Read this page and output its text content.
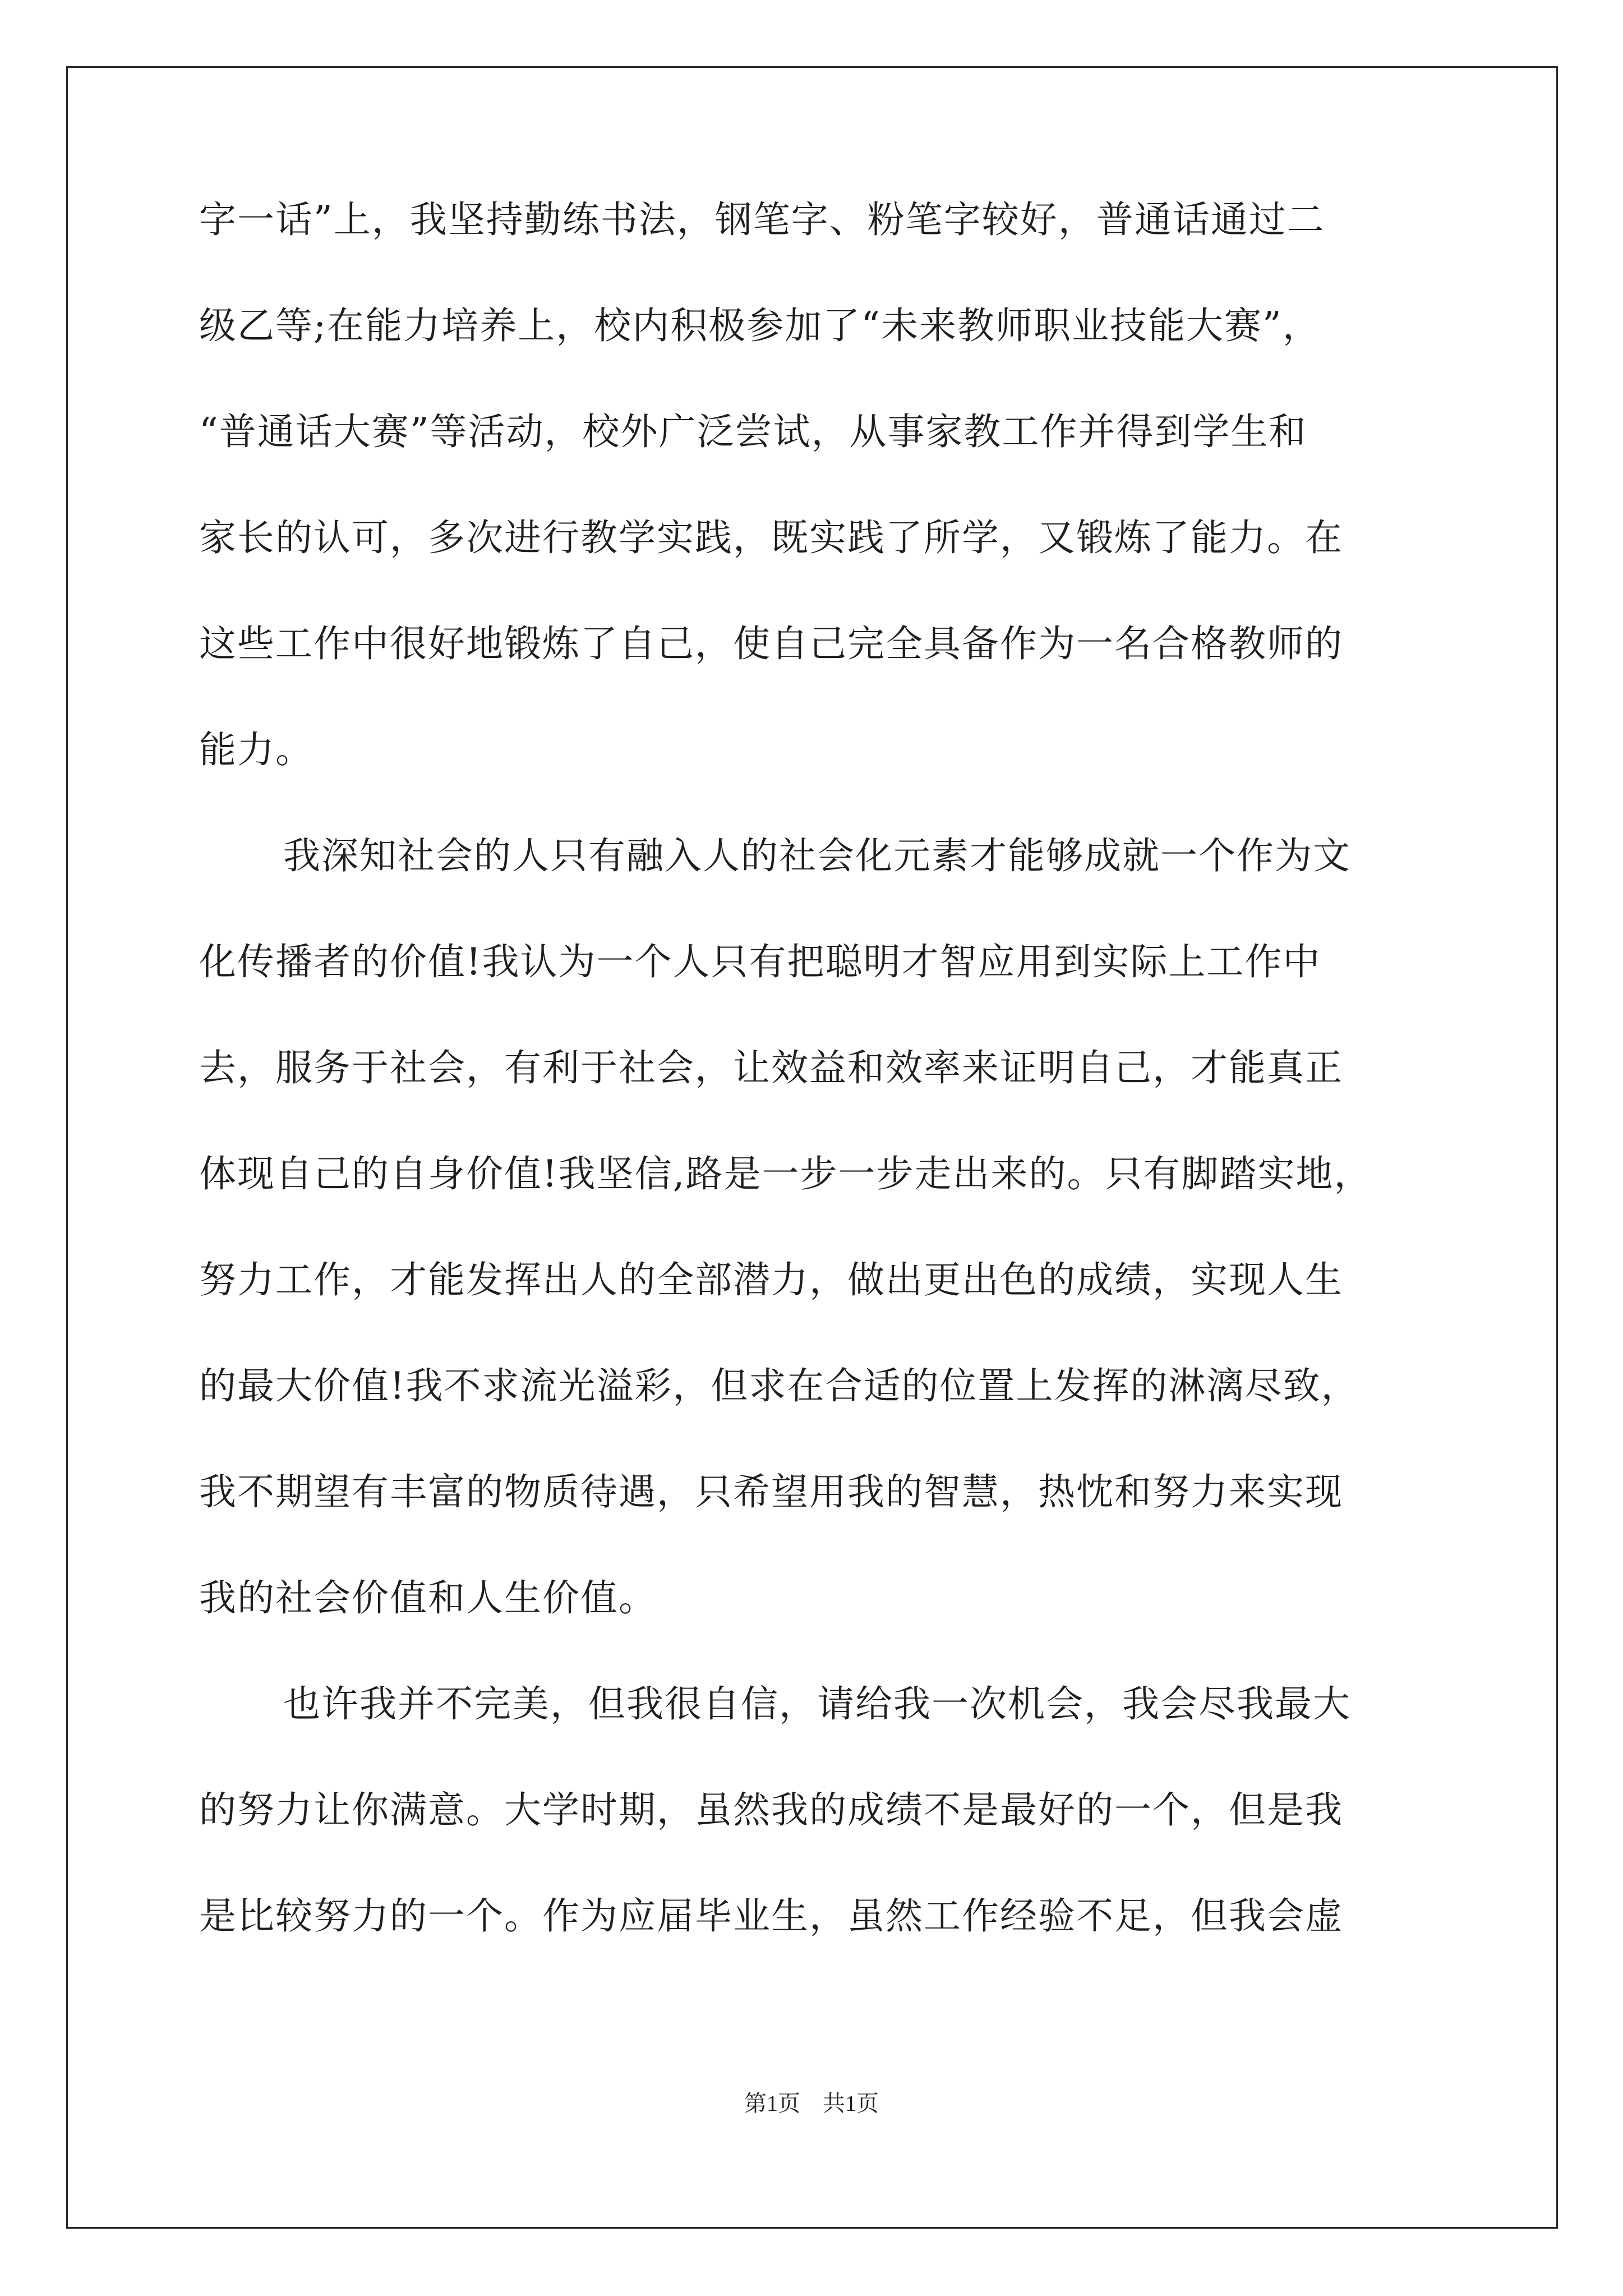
字一话”上，我坚持勤练书法，钢笔字、粉笔字较好，普通话通过二
级乙等;在能力培养上，校内积极参加了“未来教师职业技能大赛”，
“普通话大赛”等活动，校外广泛尝试，从事家教工作并得到学生和
家长的认可，多次进行教学实践，既实践了所学，又锻炼了能力。在
这些工作中很好地锻炼了自己，使自己完全具备作为一名合格教师的
能力。
我深知社会的人只有融入人的社会化元素才能够成就一个作为文
化传播者的价值!我认为一个人只有把聪明才智应用到实际上工作中
去，服务于社会，有利于社会，让效益和效率来证明自己，才能真正
体现自己的自身价值!我坚信,路是一步一步走出来的。只有脚踏实地，
努力工作，才能发挥出人的全部潜力，做出更出色的成绩，实现人生
的最大价值!我不求流光溢彩，但求在合适的位置上发挥的淋漓尽致，
我不期望有丰富的物质待遇，只希望用我的智慧，热忱和努力来实现
我的社会价值和人生价值。
也许我并不完美，但我很自信，请给我一次机会，我会尽我最大
的努力让你满意。大学时期，虽然我的成绩不是最好的一个，但是我
是比较努力的一个。作为应届毕业生，虽然工作经验不足，但我会虚
第1页　共1页
